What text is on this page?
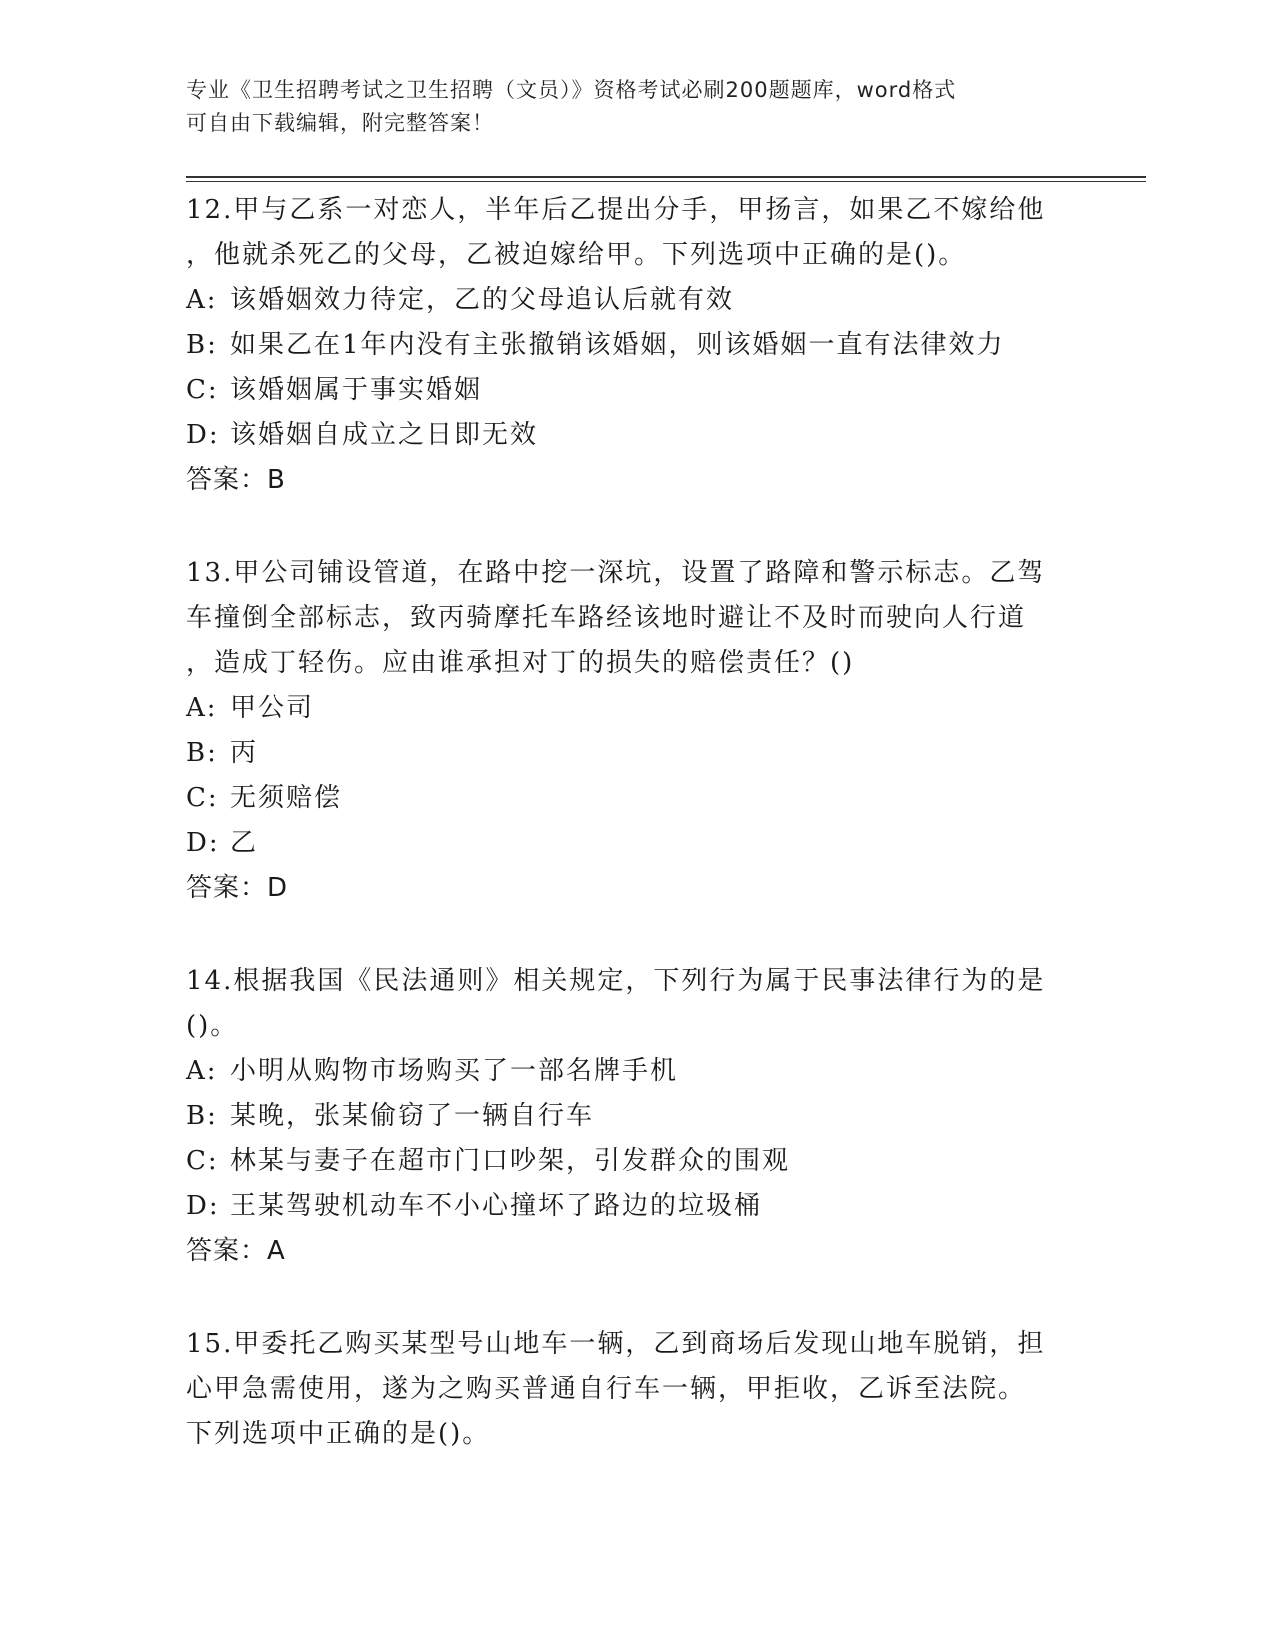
专业《卫生招聘考试之卫生招聘（文员）》资格考试必刷200题题库，word格式
可自由下载编辑，附完整答案！

12.甲与乙系一对恋人，半年后乙提出分手，甲扬言，如果乙不嫁给他

，他就杀死乙的父母，乙被迫嫁给甲。下列选项中正确的是()。

A: 该婚姻效力待定，乙的父母追认后就有效
B: 如果乙在1年内没有主张撤销该婚姻，则该婚姻一直有法律效力
C: 该婚姻属于事实婚姻
D: 该婚姻自成立之日即无效

答案：B

13.甲公司铺设管道，在路中挖一深坑，设置了路障和警示标志。乙驾

车撞倒全部标志，致丙骑摩托车路经该地时避让不及时而驶向人行道

，造成丁轻伤。应由谁承担对丁的损失的赔偿责任？()

A: 甲公司
B: 丙
C: 无须赔偿
D: 乙

答案：D

14.根据我国《民法通则》相关规定，下列行为属于民事法律行为的是

()。

A: 小明从购物市场购买了一部名牌手机
B: 某晚，张某偷窃了一辆自行车
C: 林某与妻子在超市门口吵架，引发群众的围观
D: 王某驾驶机动车不小心撞坏了路边的垃圾桶

答案：A

15.甲委托乙购买某型号山地车一辆，乙到商场后发现山地车脱销，担

心甲急需使用，遂为之购买普通自行车一辆，甲拒收，乙诉至法院。

下列选项中正确的是()。
